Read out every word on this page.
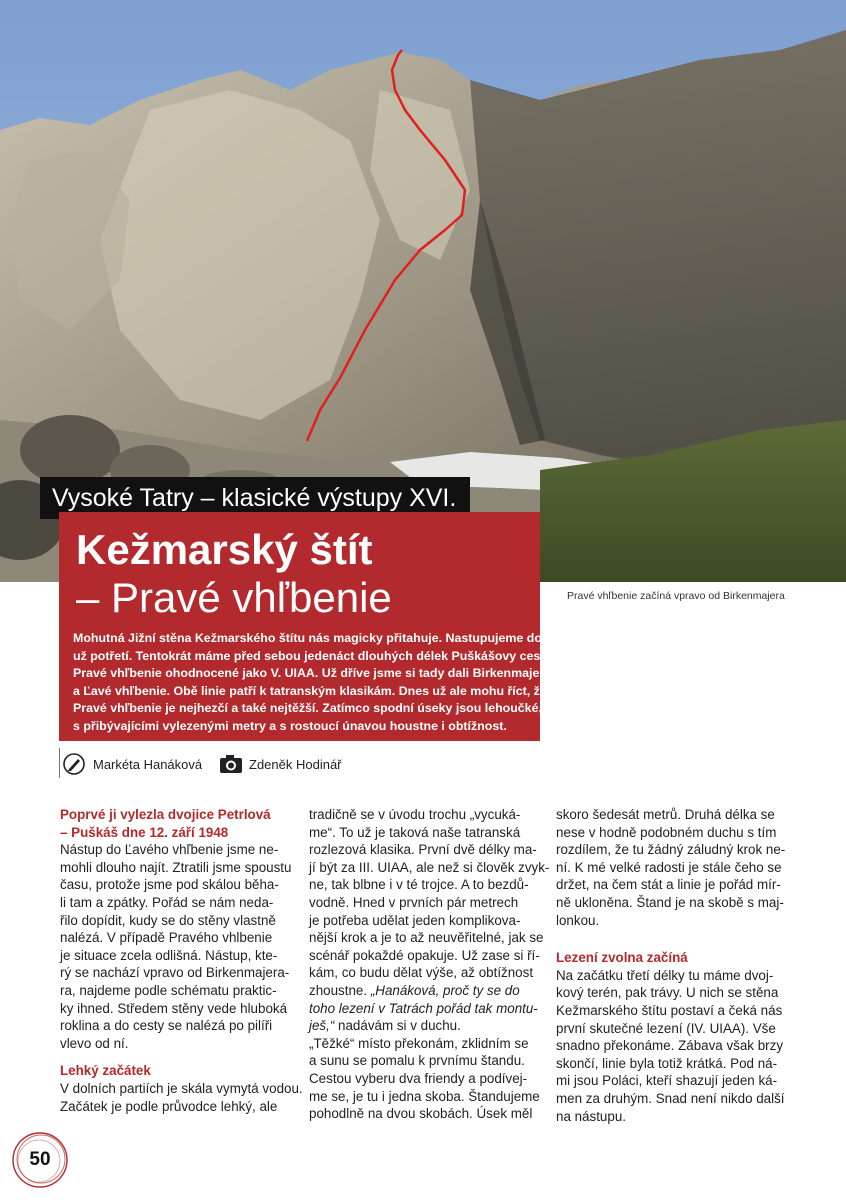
Vysoké Tatry – klasické výstupy XVI.
Kežmarský štít
– Pravé vhľbenie
Mohutná Jižní stěna Kežmarského štítu nás magicky přitahuje. Nastupujeme do ní
už potřetí. Tentokrát máme před sebou jedenáct dlouhých délek Puškášovy cesty
Pravé vhľbenie ohodnocené jako V. UIAA. Už dříve jsme si tady dali Birkenmajera
a Ľavé vhľbenie. Obě linie patří k tatranským klasikám. Dnes už ale mohu říct, že
Pravé vhľbenie je nejhezčí a také nejtěžší. Zatímco spodní úseky jsou lehoučké,
s přibývajícími vylezenými metry a s rostoucí únavou houstne i obtížnost.
Pravé vhľbenie začíná vpravo od Birkenmajera
Markéta Hanáková	Zdeněk Hodinář
Poprvé ji vylezla dvojice Petrlová
– Puškáš dne 12. září 1948
Nástup do Ľavého vhľbenie jsme ne-
mohli dlouho najít. Ztratili jsme spoustu
času, protože jsme pod skálou běha-
li tam a zpátky. Pořád se nám neda-
řilo dopídit, kudy se do stěny vlastně
nalézá. V případě Pravého vhlbenie
je situace zcela odlišná. Nástup, kte-
rý se nachází vpravo od Birkenmajera-
ra, najdeme podle schématu praktic-
ky ihned. Středem stěny vede hluboká
roklina a do cesty se nalézá po pilíři
vlevo od ní.
Lehký začátek
V dolních partiích je skála vymytá vodou.
Začátek je podle průvodce lehký, ale
tradičně se v úvodu trochu „vycuká-
me“. To už je taková naše tatranská
rozlezová klasika. První dvě délky ma-
jí být za III. UIAA, ale než si člověk zvyk-
ne, tak blbne i v té trojce. A to bezdů-
vodně. Hned v prvních pár metrech
je potřeba udělat jeden komplikova-
nější krok a je to až neuvěřitelné, jak se
scénář pokaždé opakuje. Už zase si ří-
kám, co budu dělat výše, až obtížnost
zhoustne. „Hanáková, proč ty se do
toho lezení v Tatrách pořád tak montu-
ješ,“ nadávám si v duchu.
„Těžké“ místo překonám, zklidním se
a sunu se pomalu k prvnímu štandu.
Cestou vyberu dva friendy a podívej-
me se, je tu i jedna skoba. Štandujeme
pohodlně na dvou skobách. Úsek měl
skoro šedesát metrů. Druhá délka se
nese v hodně podobném duchu s tím
rozdílem, že tu žádný záludný krok ne-
ní. K mé velké radosti je stále čeho se
držet, na čem stát a linie je pořád mír-
ně ukloněna. Štand je na skobě s maj-
lonkou.
Lezení zvolna začíná
Na začátku třetí délky tu máme dvoj-
kový terén, pak trávy. U nich se stěna
Kežmarského štítu postaví a čeká nás
první skutečné lezení (IV. UIAA). Vše
snadno překonáme. Zábava však brzy
skončí, linie byla totiž krátká. Pod ná-
mi jsou Poláci, kteří shazují jeden ká-
men za druhým. Snad není nikdo další
na nástupu.
50
